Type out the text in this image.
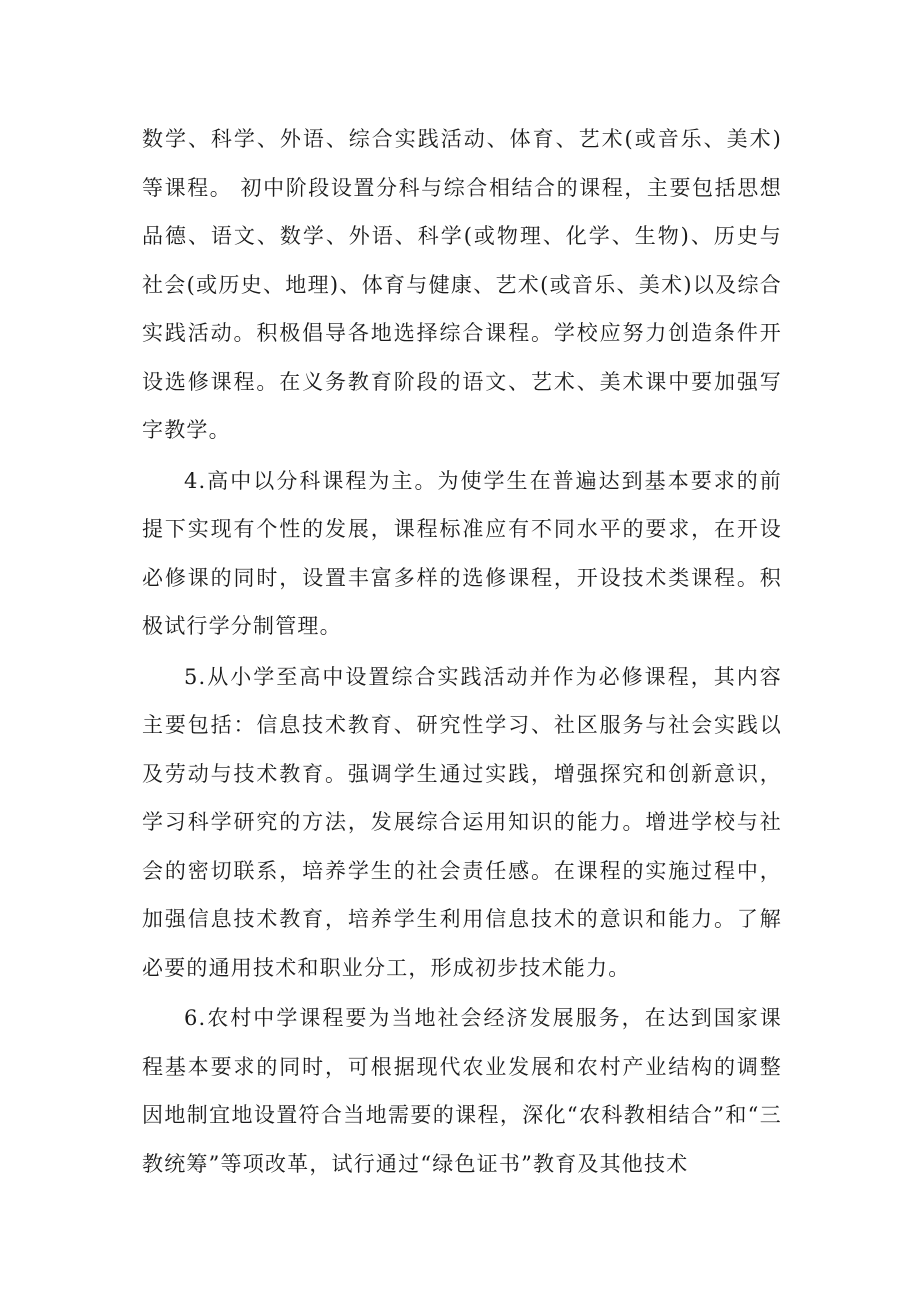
数学、科学、外语、综合实践活动、体育、艺术(或音乐、美术)等课程。 初中阶段设置分科与综合相结合的课程，主要包括思想品德、语文、数学、外语、科学(或物理、化学、生物)、历史与社会(或历史、地理)、体育与健康、艺术(或音乐、美术)以及综合实践活动。积极倡导各地选择综合课程。学校应努力创造条件开设选修课程。在义务教育阶段的语文、艺术、美术课中要加强写字教学。

4.高中以分科课程为主。为使学生在普遍达到基本要求的前提下实现有个性的发展，课程标准应有不同水平的要求，在开设必修课的同时，设置丰富多样的选修课程，开设技术类课程。积极试行学分制管理。

5.从小学至高中设置综合实践活动并作为必修课程，其内容主要包括：信息技术教育、研究性学习、社区服务与社会实践以及劳动与技术教育。强调学生通过实践，增强探究和创新意识，学习科学研究的方法，发展综合运用知识的能力。增进学校与社会的密切联系，培养学生的社会责任感。在课程的实施过程中，加强信息技术教育，培养学生利用信息技术的意识和能力。了解必要的通用技术和职业分工，形成初步技术能力。

6.农村中学课程要为当地社会经济发展服务，在达到国家课程基本要求的同时，可根据现代农业发展和农村产业结构的调整因地制宜地设置符合当地需要的课程，深化“农科教相结合”和“三教统筹”等项改革，试行通过“绿色证书”教育及其他技术
